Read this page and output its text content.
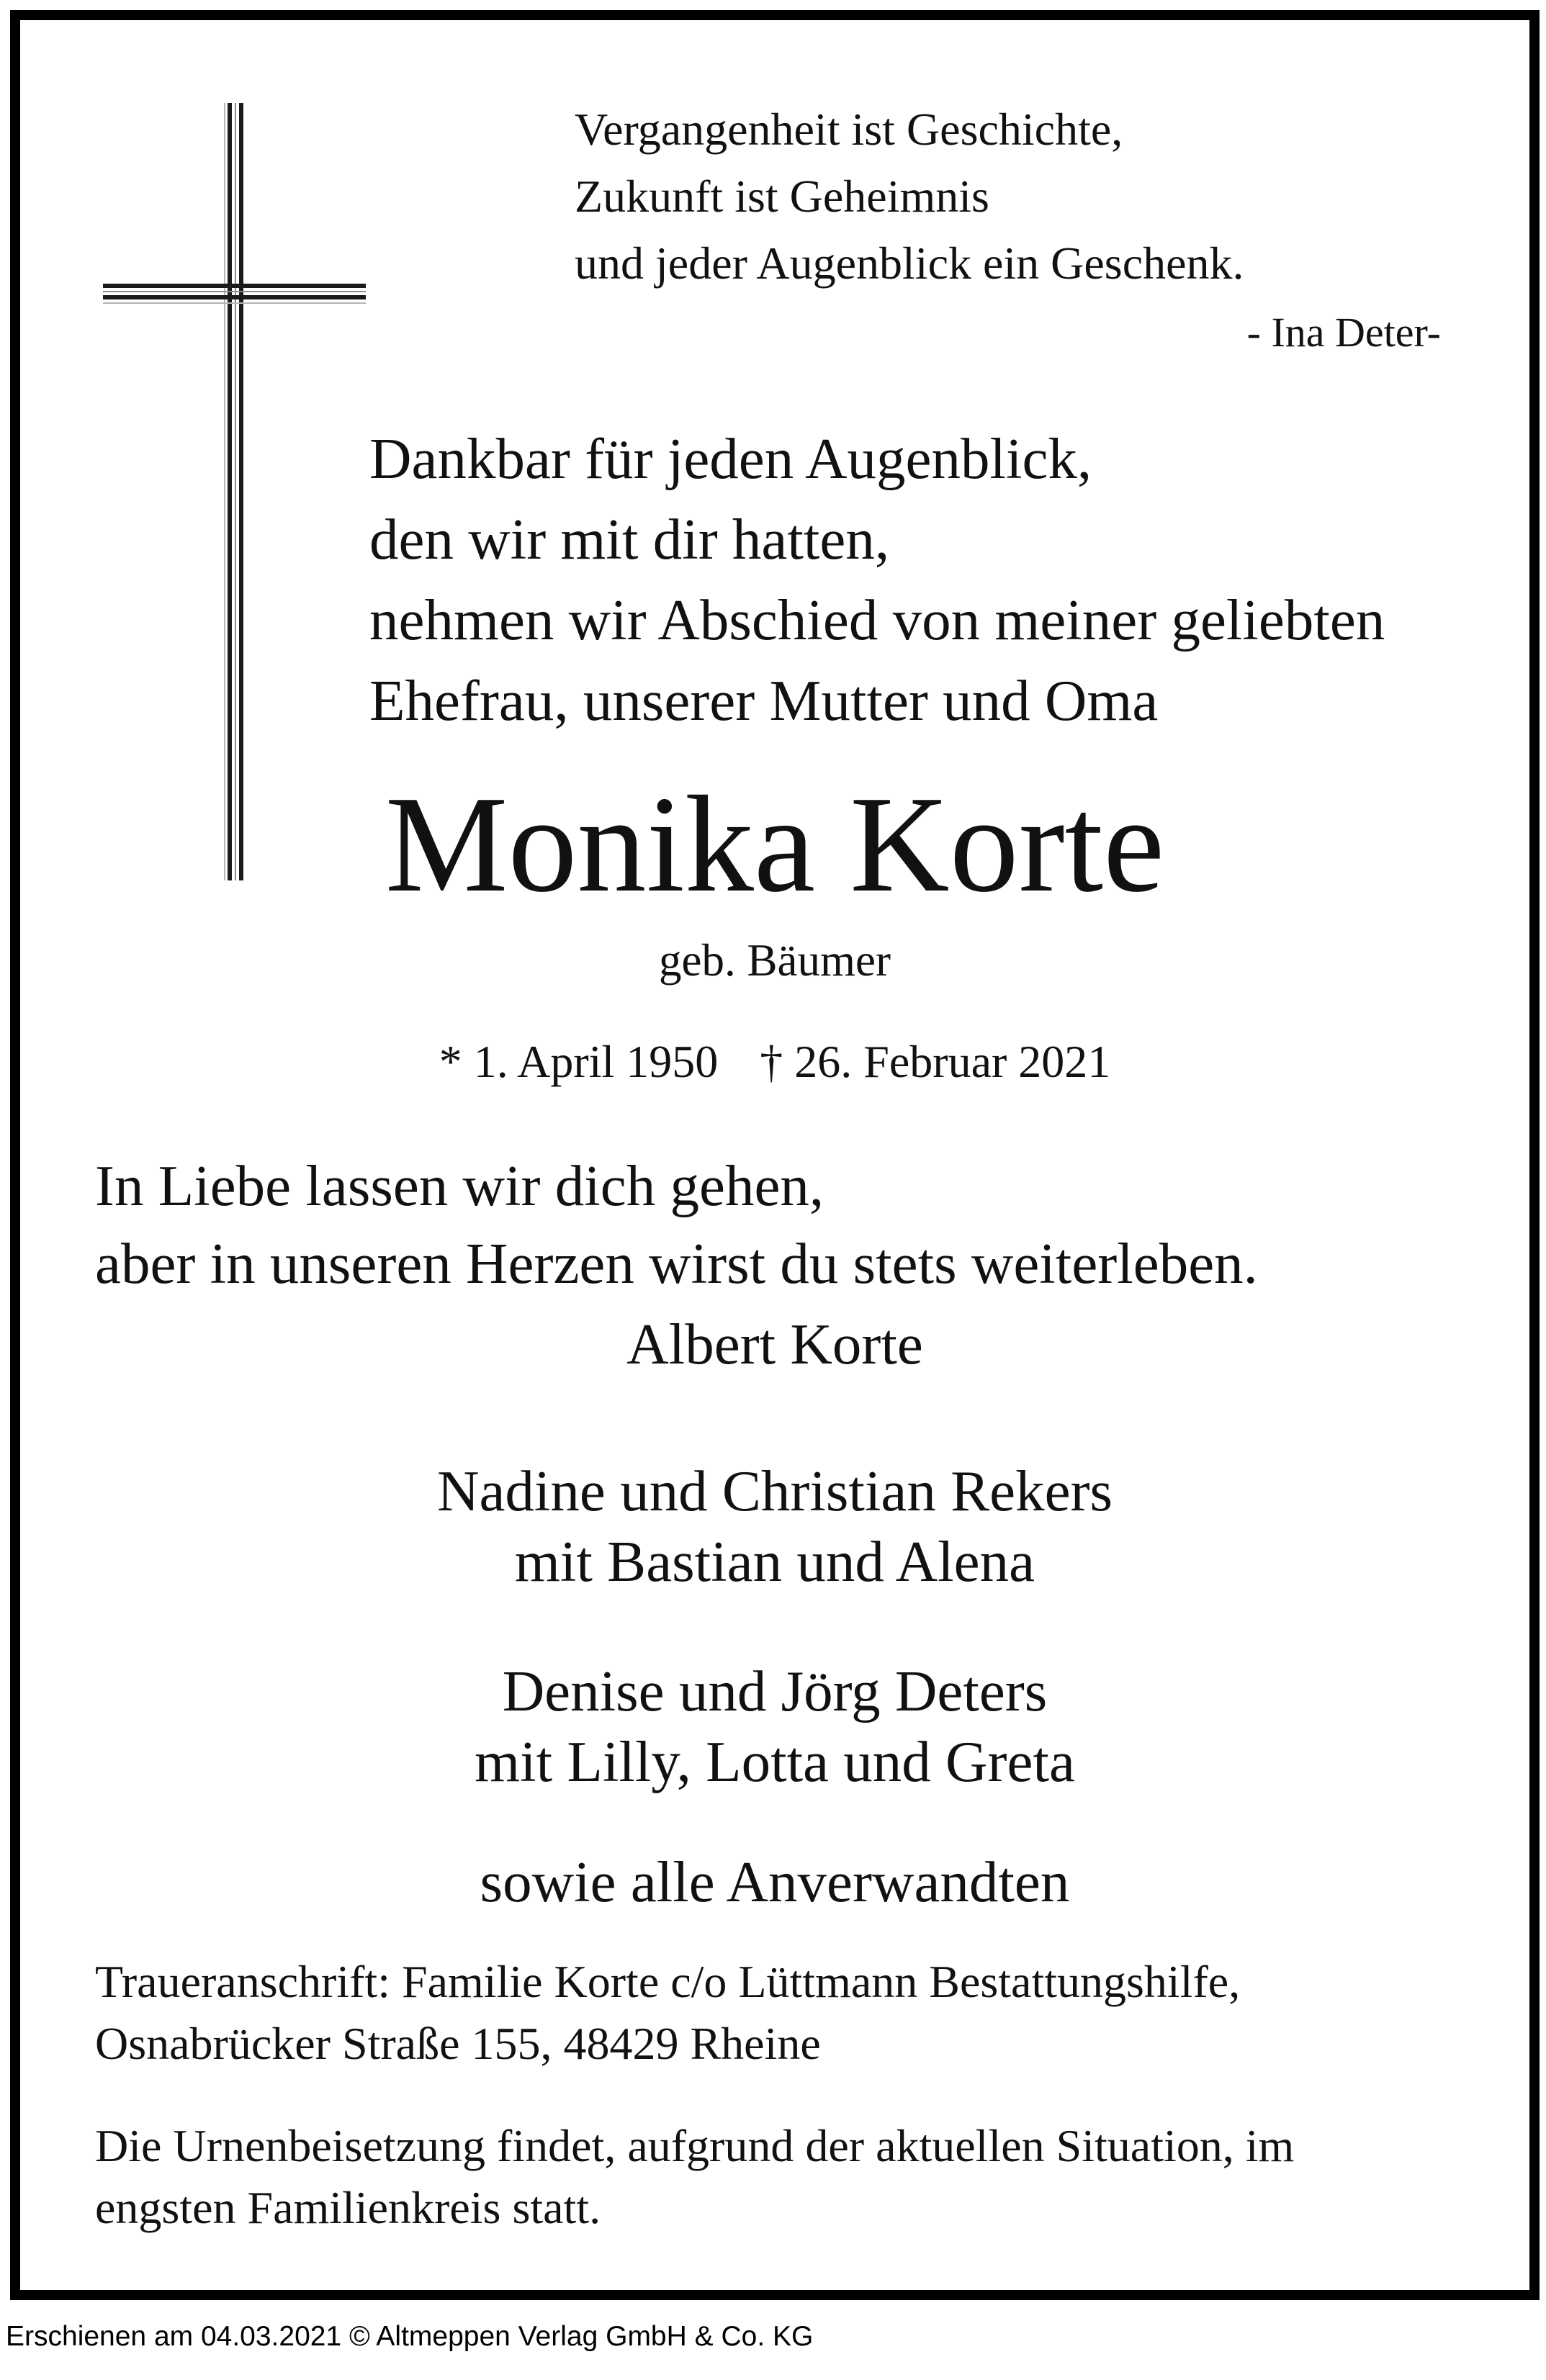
Vergangenheit ist Geschichte,
Zukunft ist Geheimnis
und jeder Augenblick ein Geschenk.
- Ina Deter-
Dankbar für jeden Augenblick,
den wir mit dir hatten,
nehmen wir Abschied von meiner geliebten
Ehefrau, unserer Mutter und Oma
Monika Korte
geb. Bäumer
* 1. April 1950 † 26. Februar 2021
In Liebe lassen wir dich gehen,
aber in unseren Herzen wirst du stets weiterleben.
Albert Korte
Nadine und Christian Rekers
mit Bastian und Alena
Denise und Jörg Deters
mit Lilly, Lotta und Greta
sowie alle Anverwandten
Traueranschrift: Familie Korte c/o Lüttmann Bestattungshilfe,
Osnabrücker Straße 155, 48429 Rheine
Die Urnenbeisetzung findet, aufgrund der aktuellen Situation, im
engsten Familienkreis statt.
Erschienen am 04.03.2021 © Altmeppen Verlag GmbH & Co. KG
